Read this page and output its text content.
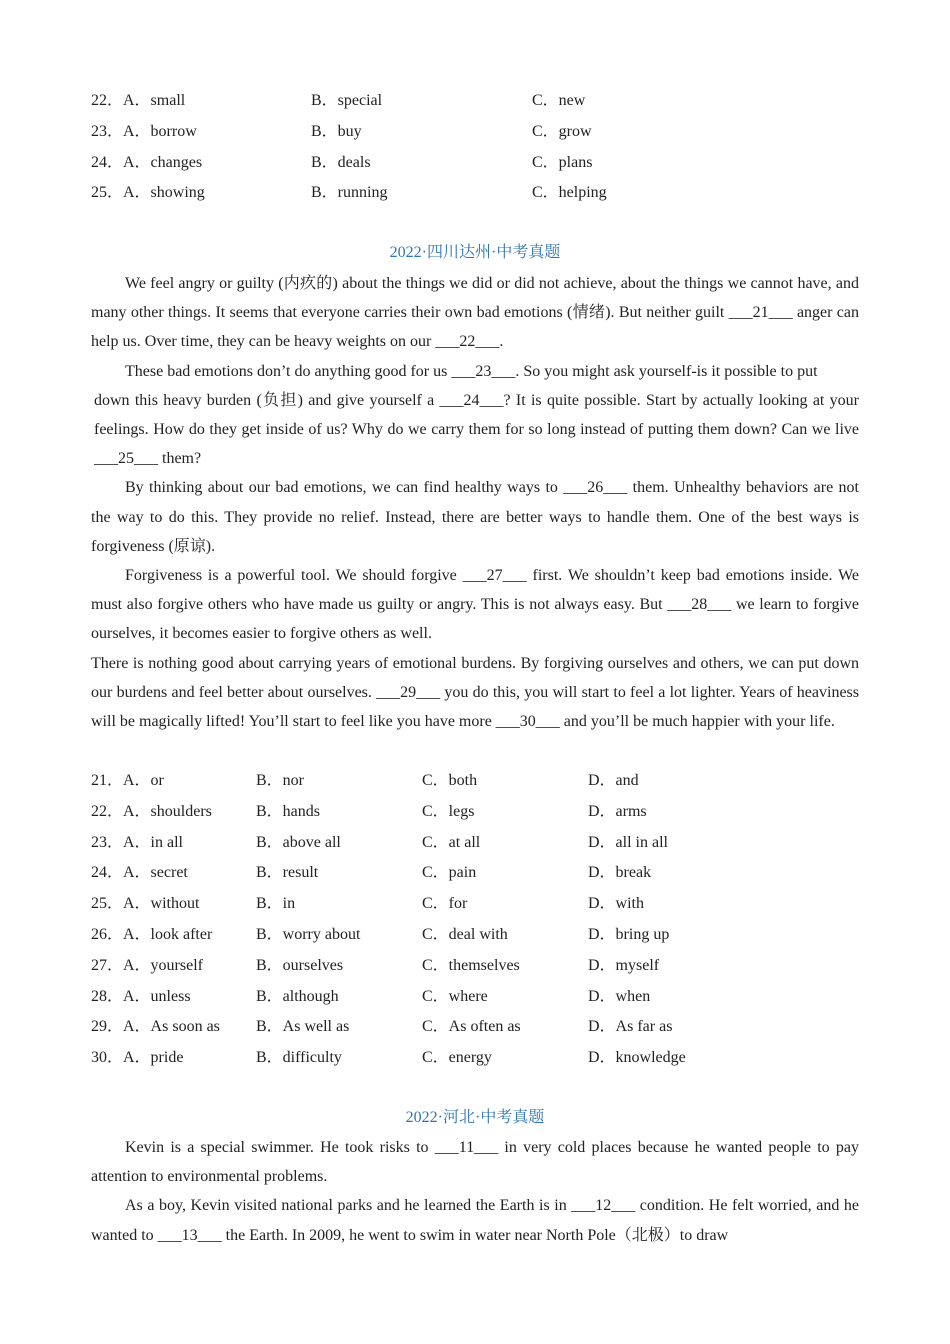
22． A．small	B．special	C．new
23． A．borrow	B．buy	C．grow
24． A．changes	B．deals	C．plans
25． A．showing	B．running	C．helping
2022·四川达州·中考真题

We feel angry or guilty (内疚的) about the things we did or did not achieve, about the things we cannot have, and many other things. It seems that everyone carries their own bad emotions (情绪). But neither guilt ___21___ anger can help us. Over time, they can be heavy weights on our ___22___.

These bad emotions don’t do anything good for us ___23___. So you might ask yourself-is it possible to put

down this heavy burden (负担) and give yourself a ___24___? It is quite possible. Start by actually looking at your feelings. How do they get inside of us? Why do we carry them for so long instead of putting them down? Can we live ___25___ them?

By thinking about our bad emotions, we can find healthy ways to ___26___ them. Unhealthy behaviors are not the way to do this. They provide no relief. Instead, there are better ways to handle them. One of the best ways is forgiveness (原谅).

Forgiveness is a powerful tool. We should forgive ___27___ first. We shouldn’t keep bad emotions inside. We must also forgive others who have made us guilty or angry. This is not always easy. But ___28___ we learn to forgive ourselves, it becomes easier to forgive others as well.

There is nothing good about carrying years of emotional burdens. By forgiving ourselves and others, we can put down our burdens and feel better about ourselves. ___29___ you do this, you will start to feel a lot lighter. Years of heaviness will be magically lifted! You’ll start to feel like you have more ___30___ and you’ll be much happier with your life.

21． A．or	B．nor	C．both	D．and
22． A．shoulders	B．hands	C．legs	D．arms
23． A．in all	B．above all	C．at all	D．all in all
24． A．secret	B．result	C．pain	D．break
25． A．without	B．in	C．for	D．with
26． A．look after	B．worry about	C．deal with	D．bring up
27． A．yourself	B．ourselves	C．themselves	D．myself
28． A．unless	B．although	C．where	D．when
29． A．As soon as B．As well as	C．As often as	D．As far as
30． A．pride	B．difficulty	C．energy	D．knowledge
2022·河北·中考真题

Kevin is a special swimmer. He took risks to ___11___ in very cold places because he wanted people to pay attention to environmental problems.

As a boy, Kevin visited national parks and he learned the Earth is in ___12___ condition. He felt worried, and he wanted to ___13___ the Earth. In 2009, he went to swim in water near North Pole（北极）to draw
